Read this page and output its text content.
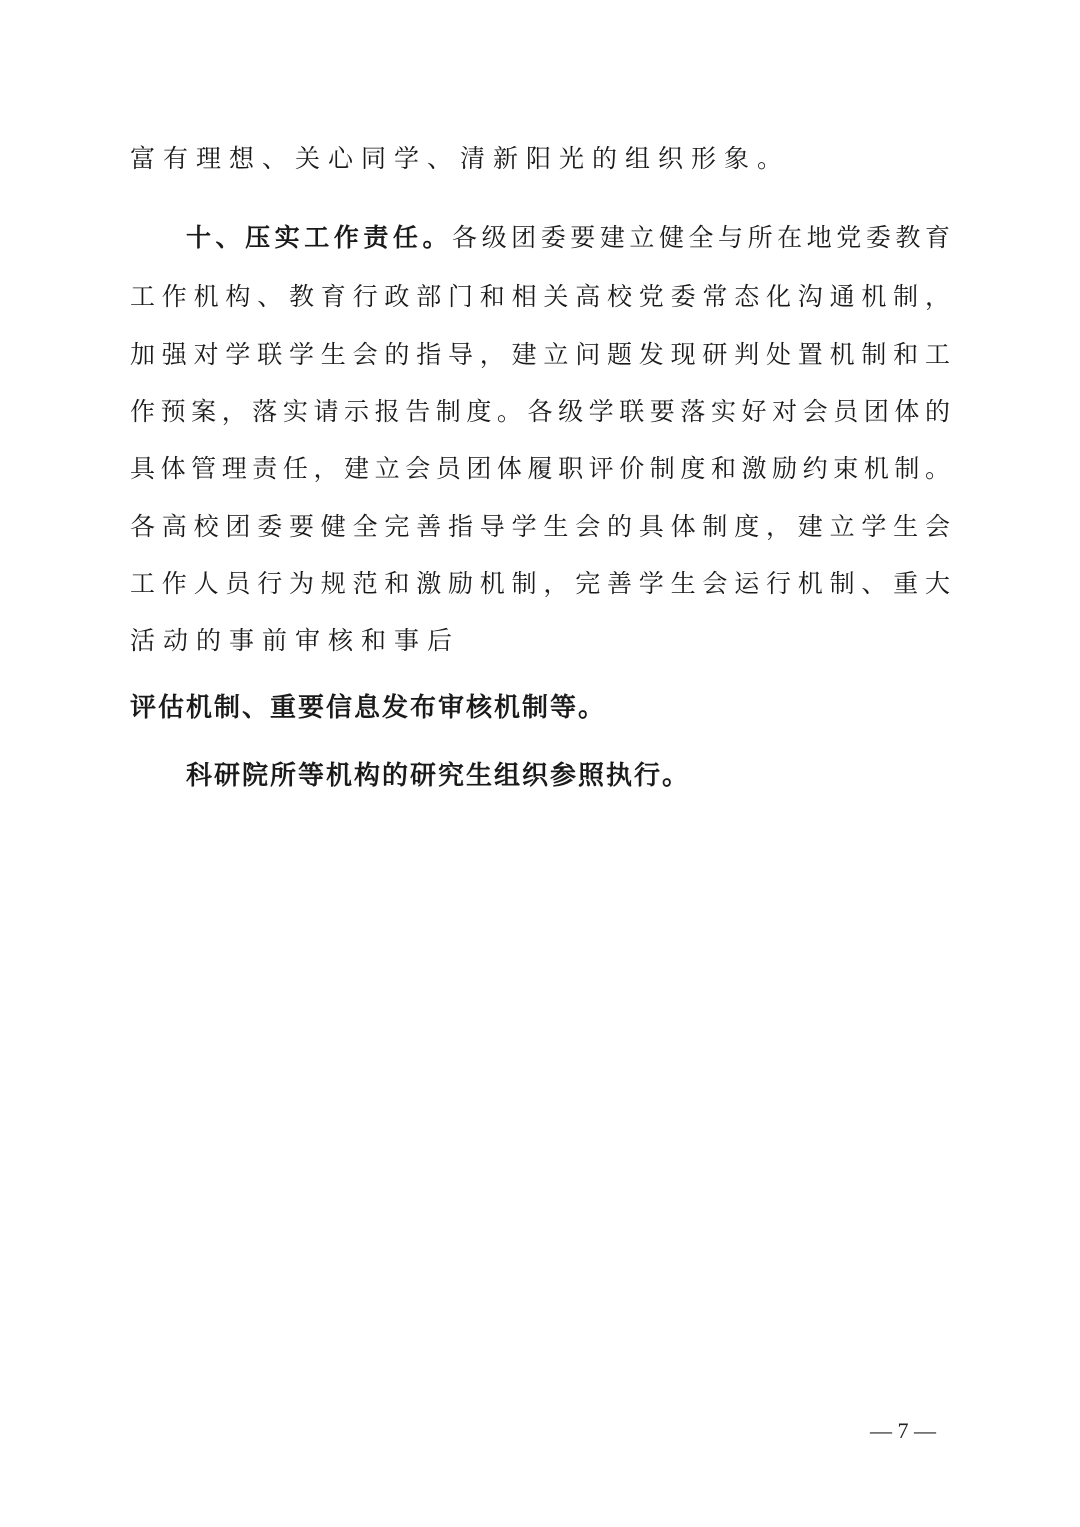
富有理想、关心同学、清新阳光的组织形象。
十、压实工作责任。各级团委要建立健全与所在地党委教育
工作机构、教育行政部门和相关高校党委常态化沟通机制，
加强对学联学生会的指导，建立问题发现研判处置机制和工
作预案，落实请示报告制度。各级学联要落实好对会员团体的
具体管理责任，建立会员团体履职评价制度和激励约束机制。
各高校团委要健全完善指导学生会的具体制度，建立学生会
工作人员行为规范和激励机制，完善学生会运行机制、重大
活动的事前审核和事后
评估机制、重要信息发布审核机制等。
科研院所等机构的研究生组织参照执行。
— 7 —
